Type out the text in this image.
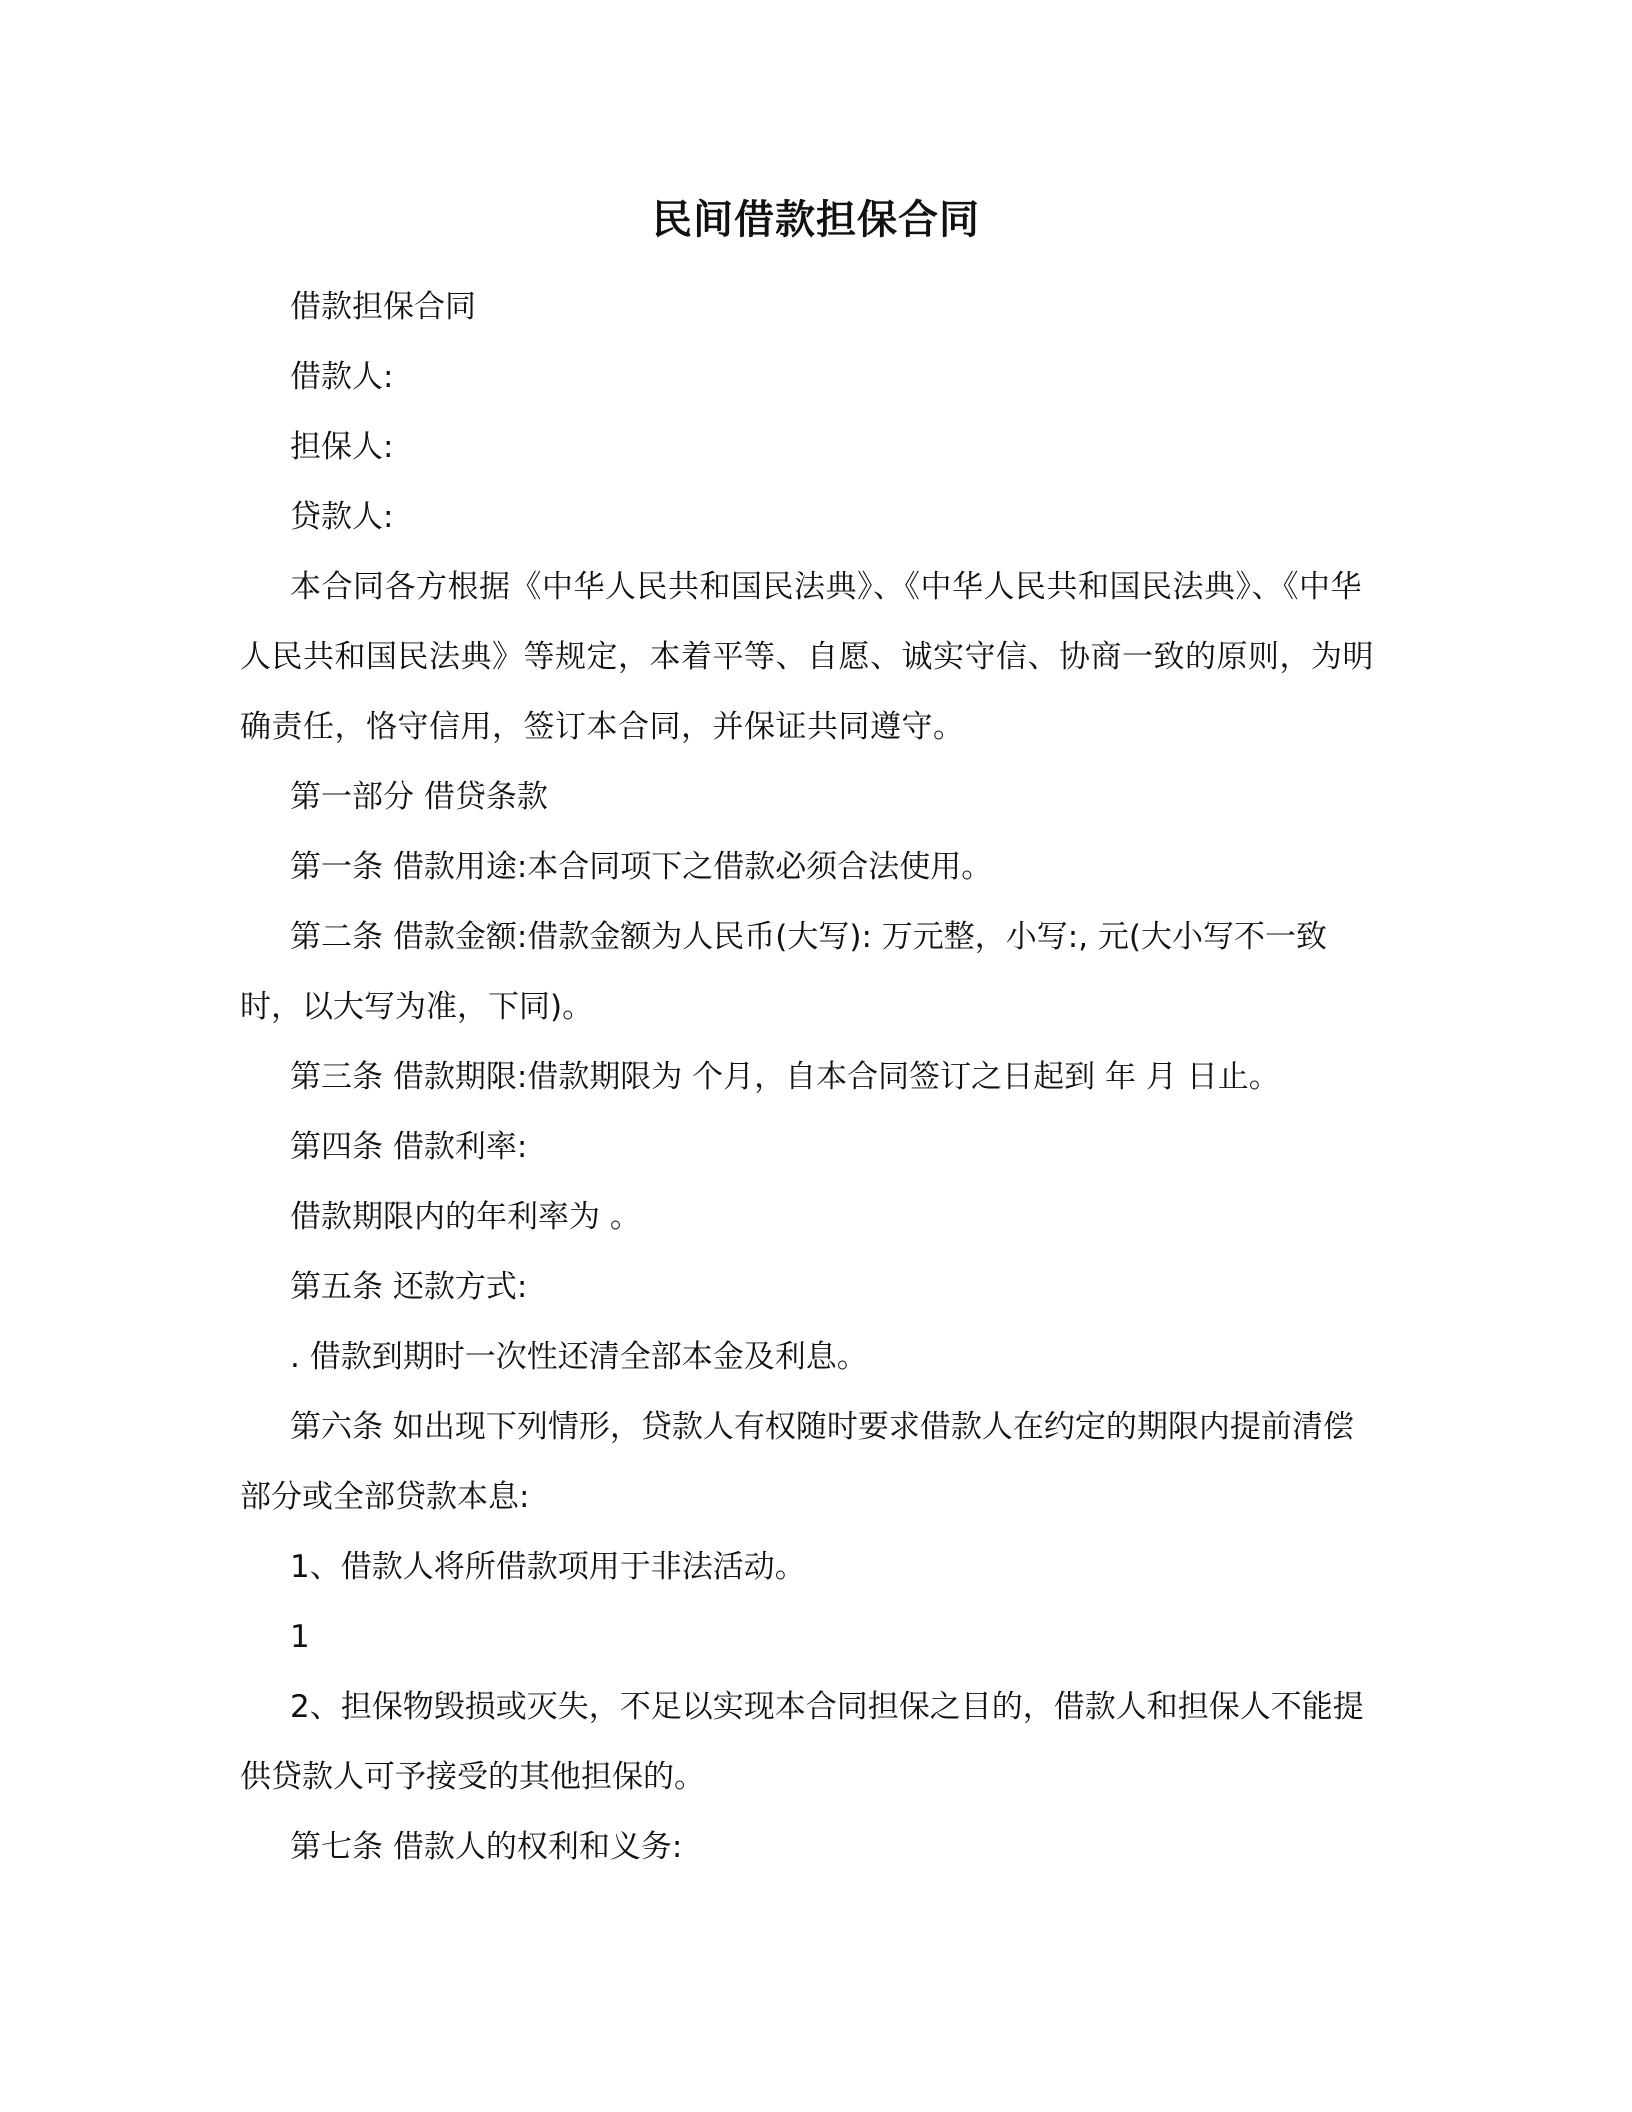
民间借款担保合同

借款担保合同

借款人:

担保人:

贷款人:

本合同各方根据《中华人民共和国民法典》、《中华人民共和国民法典》、《中华人民共和国民法典》等规定，本着平等、自愿、诚实守信、协商一致的原则，为明确责任，恪守信用，签订本合同，并保证共同遵守。

第一部分 借贷条款

第一条 借款用途:本合同项下之借款必须合法使用。

第二条 借款金额:借款金额为人民币(大写): 万元整，小写:, 元(大小写不一致时，以大写为准，下同)。

第三条 借款期限:借款期限为 个月，自本合同签订之日起到 年 月 日止。

第四条 借款利率:

借款期限内的年利率为 。

第五条 还款方式:

. 借款到期时一次性还清全部本金及利息。

第六条 如出现下列情形，贷款人有权随时要求借款人在约定的期限内提前清偿部分或全部贷款本息:

1、借款人将所借款项用于非法活动。

1

2、担保物毁损或灭失，不足以实现本合同担保之目的，借款人和担保人不能提供贷款人可予接受的其他担保的。

第七条 借款人的权利和义务:
